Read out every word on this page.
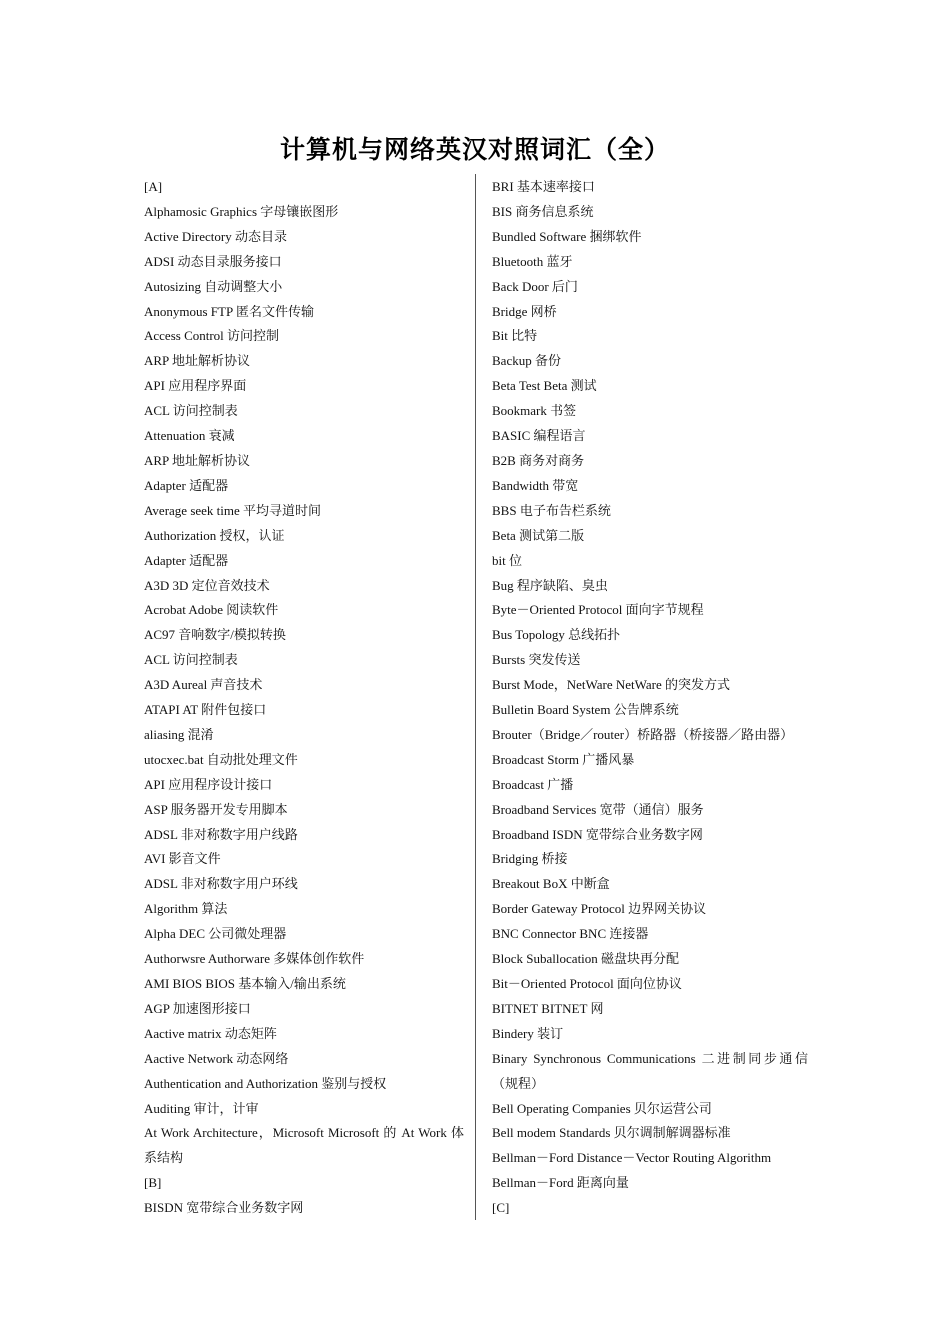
计算机与网络英汉对照词汇（全）

[A]

Alphamosic Graphics 字母镶嵌图形

Active Directory 动态目录

ADSI 动态目录服务接口

Autosizing 自动调整大小

Anonymous FTP 匿名文件传输

Access Control 访问控制

ARP 地址解析协议

API 应用程序界面

ACL 访问控制表

Attenuation 衰减

ARP 地址解析协议

Adapter 适配器

Average seek time 平均寻道时间

Authorization 授权，认证

Adapter 适配器

A3D 3D 定位音效技术

Acrobat Adobe 阅读软件

AC97 音响数字/模拟转换

ACL 访问控制表

A3D Aureal 声音技术

ATAPI AT 附件包接口

aliasing 混淆

utocxec.bat 自动批处理文件

API 应用程序设计接口

ASP 服务器开发专用脚本

ADSL 非对称数字用户线路

AVI 影音文件

ADSL 非对称数字用户环线

Algorithm 算法

Alpha DEC 公司微处理器

Authorwsre Authorware 多媒体创作软件

AMI BIOS BIOS 基本输入/输出系统

AGP 加速图形接口

Aactive matrix 动态矩阵

Aactive Network 动态网络

Authentication and Authorization 鉴别与授权

Auditing 审计，计审

At Work Architecture，Microsoft Microsoft 的 At Work 体系结构

[B]

BISDN 宽带综合业务数字网

BRI 基本速率接口

BIS 商务信息系统

Bundled Software 捆绑软件

Bluetooth 蓝牙

Back Door 后门

Bridge 网桥

Bit 比特

Backup 备份

Beta Test Beta 测试

Bookmark 书签

BASIC 编程语言

B2B 商务对商务

Bandwidth 带宽

BBS 电子布告栏系统

Beta 测试第二版

bit 位

Bug 程序缺陷、臭虫

Byte－Oriented Protocol 面向字节规程

Bus Topology 总线拓扑

Bursts 突发传送

Burst Mode，NetWare NetWare 的突发方式

Bulletin Board System 公告牌系统

Brouter（Bridge／router）桥路器（桥接器／路由器）

Broadcast Storm 广播风暴

Broadcast 广播

Broadband Services 宽带（通信）服务

Broadband ISDN 宽带综合业务数字网

Bridging 桥接

Breakout BoX 中断盒

Border Gateway Protocol 边界网关协议

BNC Connector BNC 连接器

Block Suballocation 磁盘块再分配

Bit－Oriented Protocol 面向位协议

BITNET BITNET 网

Bindery 装订

Binary Synchronous Communications 二进制同步通信（规程）

Bell Operating Companies 贝尔运营公司

Bell modem Standards 贝尔调制解调器标准

Bellman－Ford Distance－Vector Routing Algorithm

Bellman－Ford 距离向量

[C]
